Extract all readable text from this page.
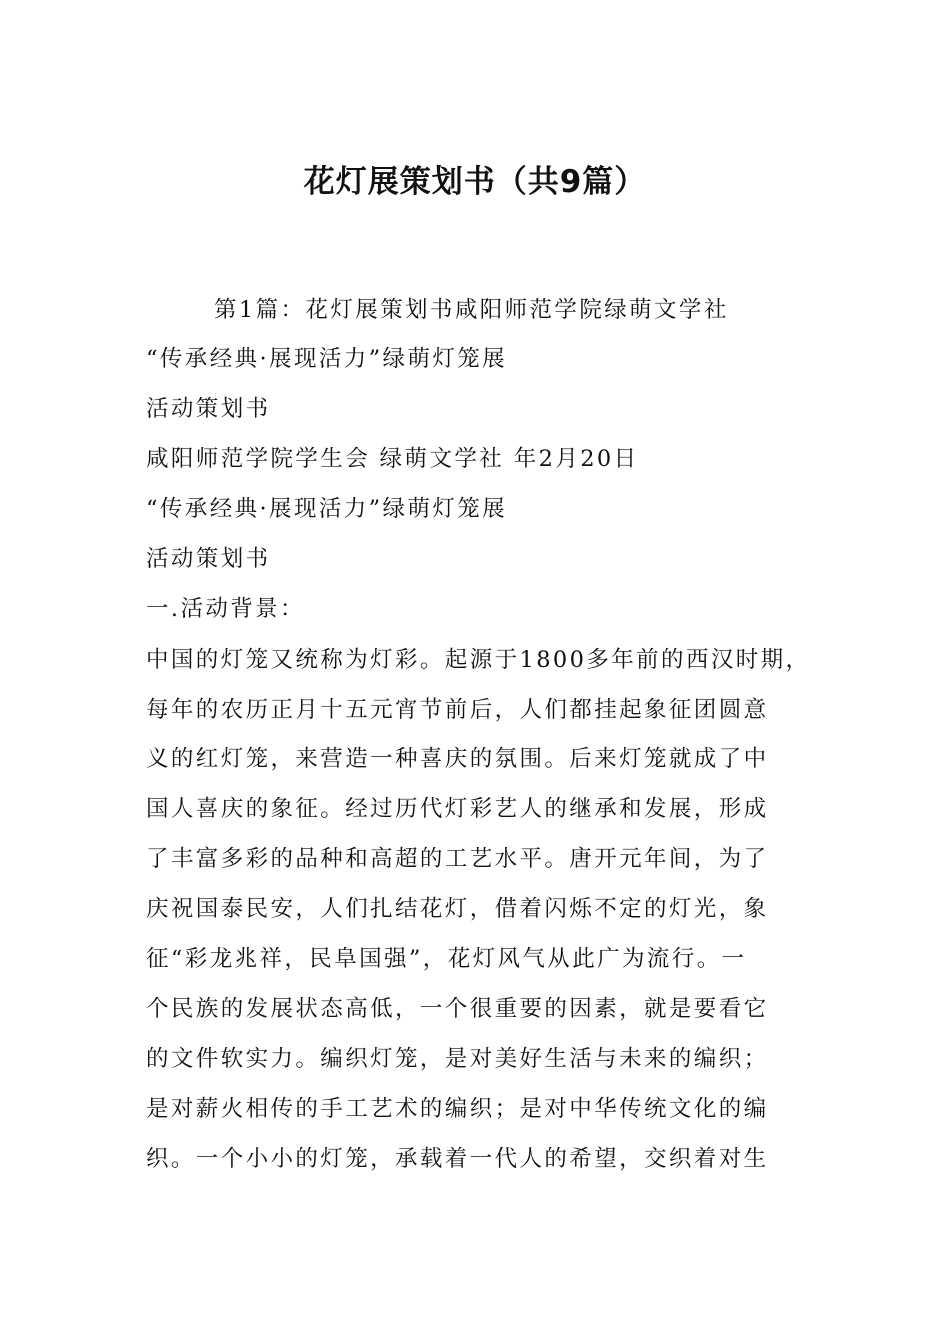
花灯展策划书（共9篇）
第1篇：花灯展策划书咸阳师范学院绿萌文学社
“传承经典·展现活力”绿萌灯笼展
活动策划书
咸阳师范学院学生会 绿萌文学社 年2月20日
“传承经典·展现活力”绿萌灯笼展
活动策划书
一.活动背景：
中国的灯笼又统称为灯彩。起源于1800多年前的西汉时期，
每年的农历正月十五元宵节前后，人们都挂起象征团圆意
义的红灯笼，来营造一种喜庆的氛围。后来灯笼就成了中
国人喜庆的象征。经过历代灯彩艺人的继承和发展，形成
了丰富多彩的品种和高超的工艺水平。唐开元年间，为了
庆祝国泰民安，人们扎结花灯，借着闪烁不定的灯光，象
征“彩龙兆祥，民阜国强”，花灯风气从此广为流行。一
个民族的发展状态高低，一个很重要的因素，就是要看它
的文件软实力。编织灯笼，是对美好生活与未来的编织；
是对薪火相传的手工艺术的编织；是对中华传统文化的编
织。一个小小的灯笼，承载着一代人的希望，交织着对生
